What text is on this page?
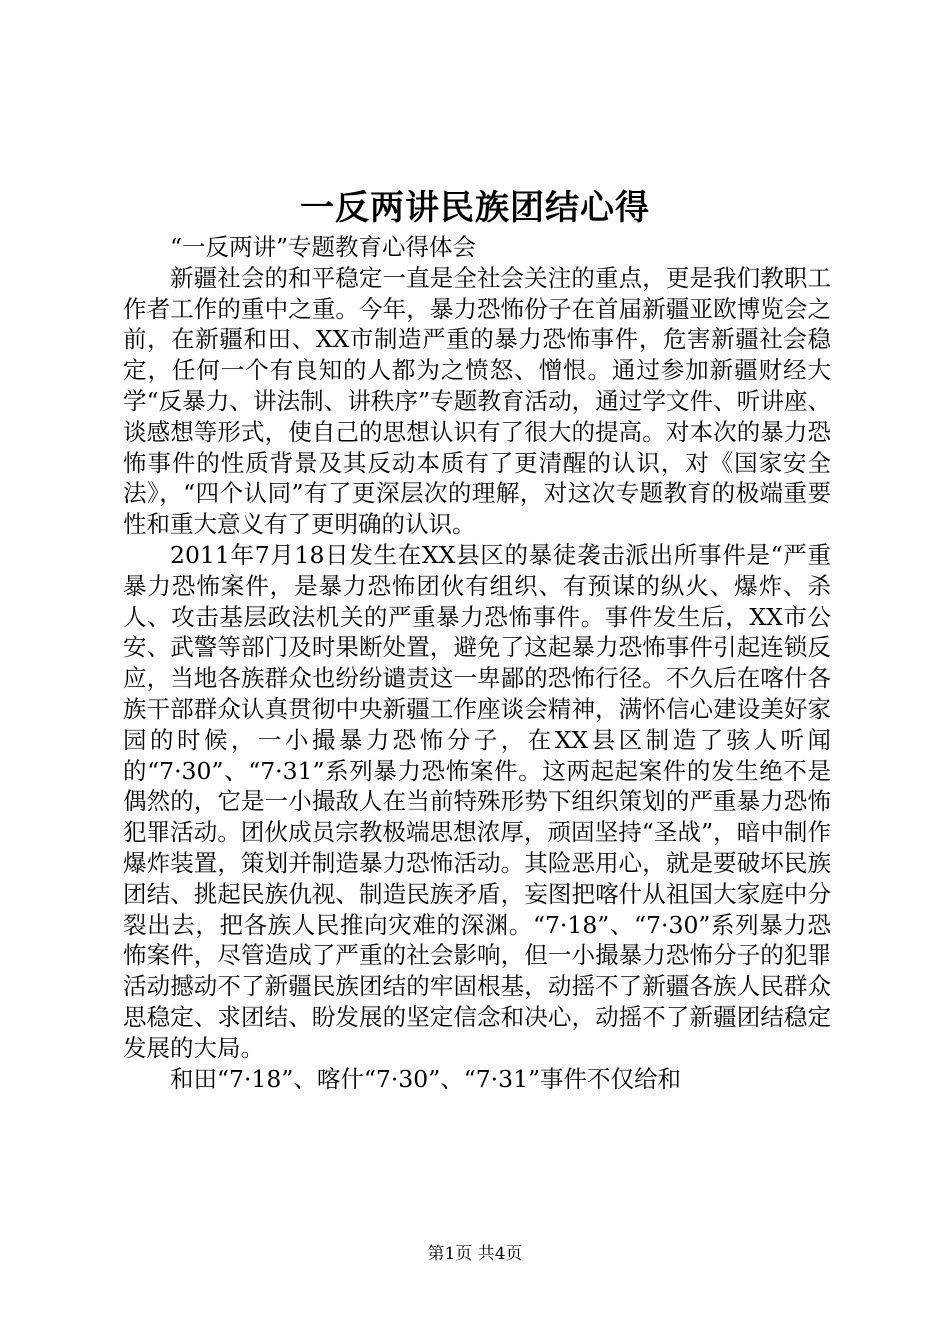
一反两讲民族团结心得

“一反两讲”专题教育心得体会

新疆社会的和平稳定一直是全社会关注的重点，更是我们教职工作者工作的重中之重。今年，暴力恐怖份子在首届新疆亚欧博览会之前，在新疆和田、XX市制造严重的暴力恐怖事件，危害新疆社会稳定，任何一个有良知的人都为之愤怒、憎恨。通过参加新疆财经大学“反暴力、讲法制、讲秩序”专题教育活动，通过学文件、听讲座、谈感想等形式，使自己的思想认识有了很大的提高。对本次的暴力恐怖事件的性质背景及其反动本质有了更清醒的认识，对《国家安全法》，“四个认同”有了更深层次的理解，对这次专题教育的极端重要性和重大意义有了更明确的认识。

2011年7月18日发生在XX县区的暴徒袭击派出所事件是“严重暴力恐怖案件，是暴力恐怖团伙有组织、有预谋的纵火、爆炸、杀人、攻击基层政法机关的严重暴力恐怖事件。事件发生后，XX市公安、武警等部门及时果断处置，避免了这起暴力恐怖事件引起连锁反应，当地各族群众也纷纷谴责这一卑鄙的恐怖行径。不久后在喀什各族干部群众认真贯彻中央新疆工作座谈会精神，满怀信心建设美好家园的时候，一小撮暴力恐怖分子，在XX县区制造了骇人听闻的“7·30”、“7·31”系列暴力恐怖案件。这两起起案件的发生绝不是偶然的，它是一小撮敌人在当前特殊形势下组织策划的严重暴力恐怖犯罪活动。团伙成员宗教极端思想浓厚，顽固坚持“圣战”，暗中制作爆炸装置，策划并制造暴力恐怖活动。其险恶用心，就是要破坏民族团结、挑起民族仇视、制造民族矛盾，妄图把喀什从祖国大家庭中分裂出去，把各族人民推向灾难的深渊。“7·18”、“7·30”系列暴力恐怖案件，尽管造成了严重的社会影响，但一小撮暴力恐怖分子的犯罪活动撼动不了新疆民族团结的牢固根基，动摇不了新疆各族人民群众思稳定、求团结、盼发展的坚定信念和决心，动摇不了新疆团结稳定发展的大局。

和田“7·18”、喀什“7·30”、“7·31”事件不仅给和

第1页 共4页
